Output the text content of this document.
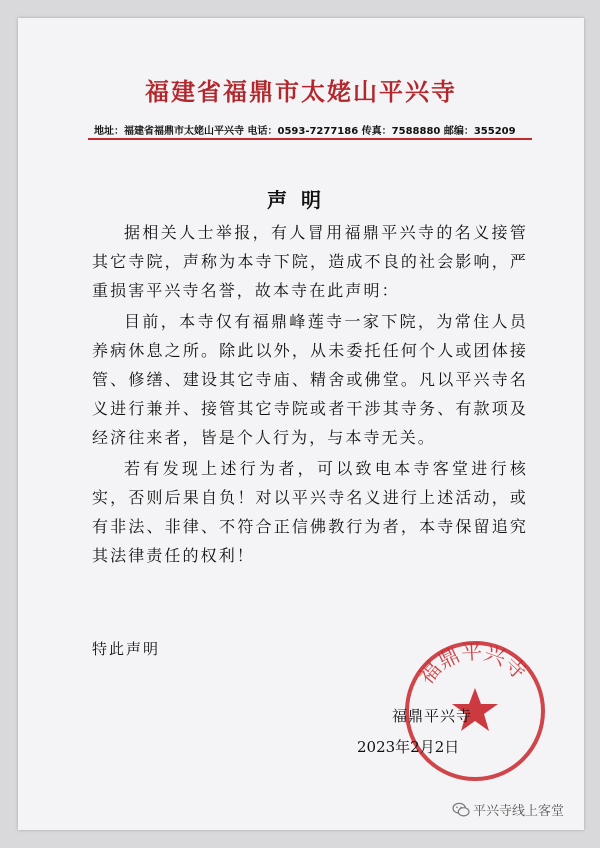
福建省福鼎市太姥山平兴寺
地址：福建省福鼎市太姥山平兴寺 电话：0593-7277186 传真：7588880 邮编：355209
声明

据相关人士举报，有人冒用福鼎平兴寺的名义接管其它寺院，声称为本寺下院，造成不良的社会影响，严重损害平兴寺名誉，故本寺在此声明：

目前，本寺仅有福鼎峰莲寺一家下院，为常住人员养病休息之所。除此以外，从未委托任何个人或团体接管、修缮、建设其它寺庙、精舍或佛堂。凡以平兴寺名义进行兼并、接管其它寺院或者干涉其寺务、有款项及经济往来者，皆是个人行为，与本寺无关。

若有发现上述行为者，可以致电本寺客堂进行核实，否则后果自负！对以平兴寺名义进行上述活动，或有非法、非律、不符合正信佛教行为者，本寺保留追究其法律责任的权利！

特此声明
福鼎平兴寺
福鼎平兴寺
2023年2月2日
平兴寺线上客堂
